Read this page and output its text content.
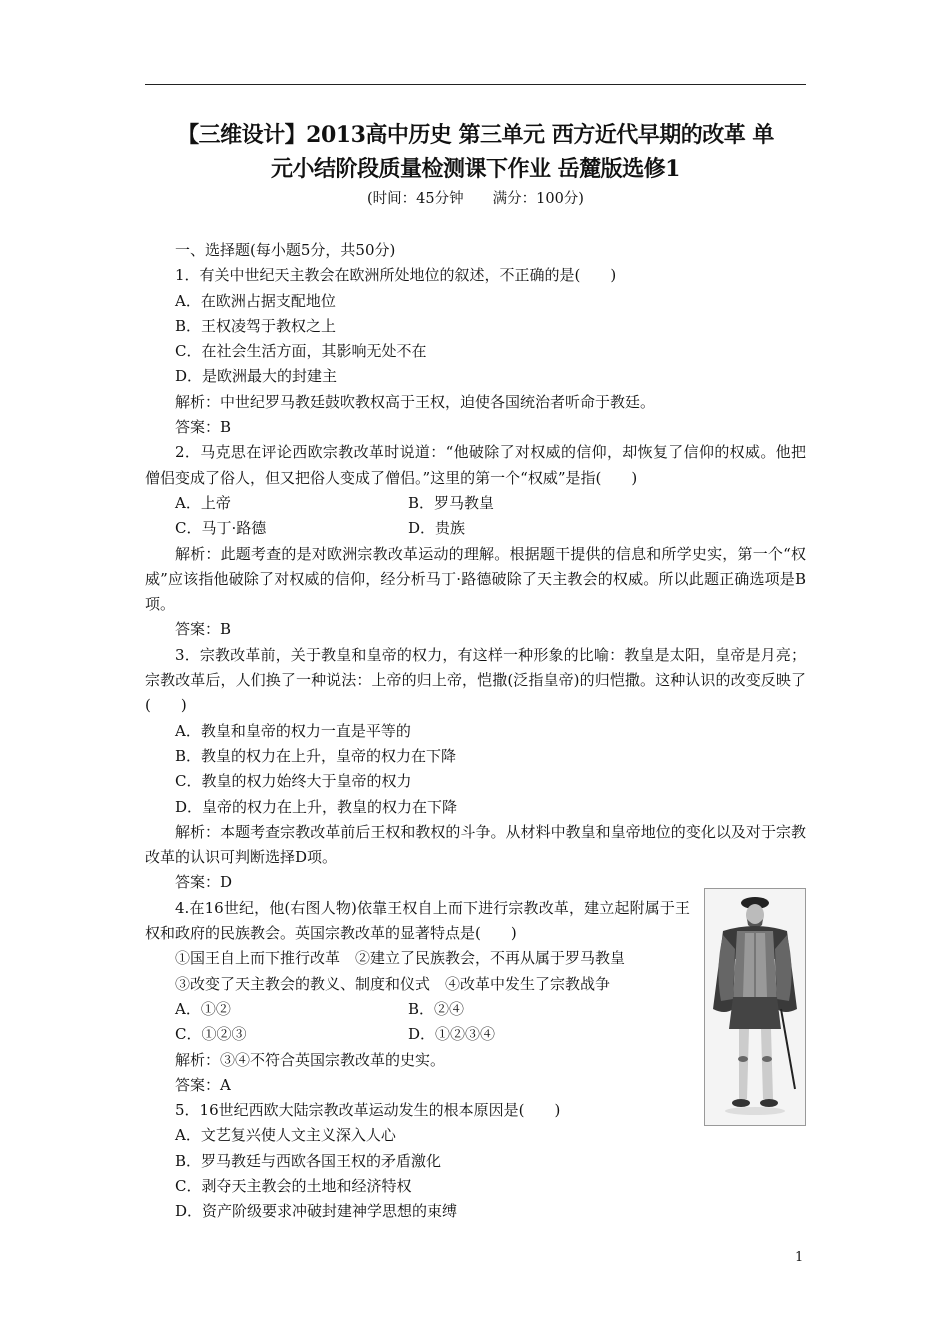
【三维设计】2013高中历史 第三单元 西方近代早期的改革 单
元小结阶段质量检测课下作业 岳麓版选修1
(时间：45分钟　　满分：100分)
一、选择题(每小题5分，共50分)
1．有关中世纪天主教会在欧洲所处地位的叙述，不正确的是(　　)
A．在欧洲占据支配地位
B．王权凌驾于教权之上
C．在社会生活方面，其影响无处不在
D．是欧洲最大的封建主
解析：中世纪罗马教廷鼓吹教权高于王权，迫使各国统治者听命于教廷。
答案：B
2．马克思在评论西欧宗教改革时说道：“他破除了对权威的信仰，却恢复了信仰的权威。他把僧侣变成了俗人，但又把俗人变成了僧侣。”这里的第一个“权威”是指(　　)
A．上帝	B．罗马教皇
C．马丁·路德	D．贵族
解析：此题考查的是对欧洲宗教改革运动的理解。根据题干提供的信息和所学史实，第一个“权威”应该指他破除了对权威的信仰，经分析马丁·路德破除了天主教会的权威。所以此题正确选项是B项。
答案：B
3．宗教改革前，关于教皇和皇帝的权力，有这样一种形象的比喻：教皇是太阳，皇帝是月亮；宗教改革后，人们换了一种说法：上帝的归上帝，恺撒(泛指皇帝)的归恺撒。这种认识的改变反映了(　　)
A．教皇和皇帝的权力一直是平等的
B．教皇的权力在上升，皇帝的权力在下降
C．教皇的权力始终大于皇帝的权力
D．皇帝的权力在上升，教皇的权力在下降
解析：本题考查宗教改革前后王权和教权的斗争。从材料中教皇和皇帝地位的变化以及对于宗教改革的认识可判断选择D项。
答案：D
4.在16世纪，他(右图人物)依靠王权自上而下进行宗教改革，建立起附属于王权和政府的民族教会。英国宗教改革的显著特点是(　　)
①国王自上而下推行改革　②建立了民族教会，不再从属于罗马教皇
③改变了天主教会的教义、制度和仪式　④改革中发生了宗教战争
A．①②	B．②④
C．①②③	D．①②③④
解析：③④不符合英国宗教改革的史实。
答案：A
5．16世纪西欧大陆宗教改革运动发生的根本原因是(　　)
A．文艺复兴使人文主义深入人心
B．罗马教廷与西欧各国王权的矛盾激化
C．剥夺天主教会的土地和经济特权
D．资产阶级要求冲破封建神学思想的束缚
1
